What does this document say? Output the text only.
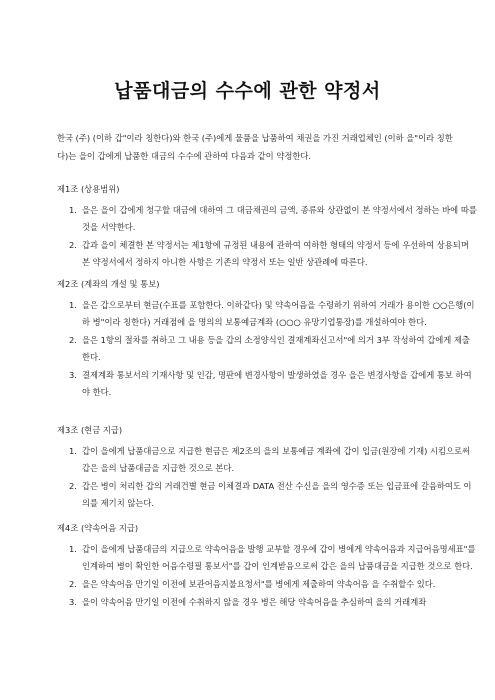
납품대금의 수수에 관한 약정서
한국 (주) (이하 갑"이라 칭한다)와 한국 (주)에게 물품을 납품하여 채권을 가진 거래업체인 (이하 을"이라 칭한다)는 을이 갑에게 납품한 대금의 수수에 관하여 다음과 같이 약정한다.
제1조 (상용범위)
1. 을은 을이 갑에게 청구할 대금에 대하여 그 대금채권의 금액, 종류와 상관없이 본 약정서에서 정하는 바에 따를 것을 서약한다.
2. 갑과 을이 체결한 본 약정서는 제1항에 규정된 내용에 관하여 여하한 형태의 약정서 등에 우선하여 상용되며 본 약정서에서 정하지 아니한 사항은 기존의 약정서 또는 일반 상관례에 따른다.
제2조 (계좌의 개설 및 통보)
1. 을은 갑으로부터 현금(수표를 포함한다. 이하같다) 및 약속어음을 수령하기 위하여 거래가 용이한 ○○은행(이하 병"이라 칭한다) 거래점에 을 명의의 보통예금계좌 (○○○ 유망기업통장)를 개설하여야 한다.
2. 을은 1항의 절차를 취하고 그 내용 등을 갑의 소정양식인 결재계좌신고서"에 의거 3부 작성하여 갑에게 제출한다.
3. 결제계좌 통보서의 기재사항 및 인감, 명판에 변경사항이 발생하였을 경우 을은 변경사항을 갑에게 통보 하여야 한다.
제3조 (현금 지급)
1. 갑이 을에게 납품대금으로 지급한 현금은 제2조의 을의 보통예금 계좌에 갑이 입금(원장에 기재) 시킴으로써 갑은 을의 납품대금을 지급한 것으로 본다.
2. 갑은 병이 처리한 갑의 거래건별 현금 이체결과 DATA 전산 수신을 을의 영수증 또는 입금표에 갈음하여도 이의를 제기치 않는다.
제4조 (약속어음 지급)
1. 갑이 을에게 납품대금의 지급으로 약속어음을 발행 교부할 경우에 갑이 병에게 약속어음과 지급어음명세표"를 인계하여 병이 확인한 어음수령필 통보서"를 갑이 인계받음으로써 갑은 을의 납품대금을 지급한 것으로 한다.
2. 을은 약속어음 만기일 이전에 보관어음지불요청서"를 병에게 제출하여 약속어음 을 수취할수 있다.
3. 을이 약속어음 만기일 이전에 수취하지 않을 경우 병은 해당 약속어음을 추심하여 을의 거래계좌
